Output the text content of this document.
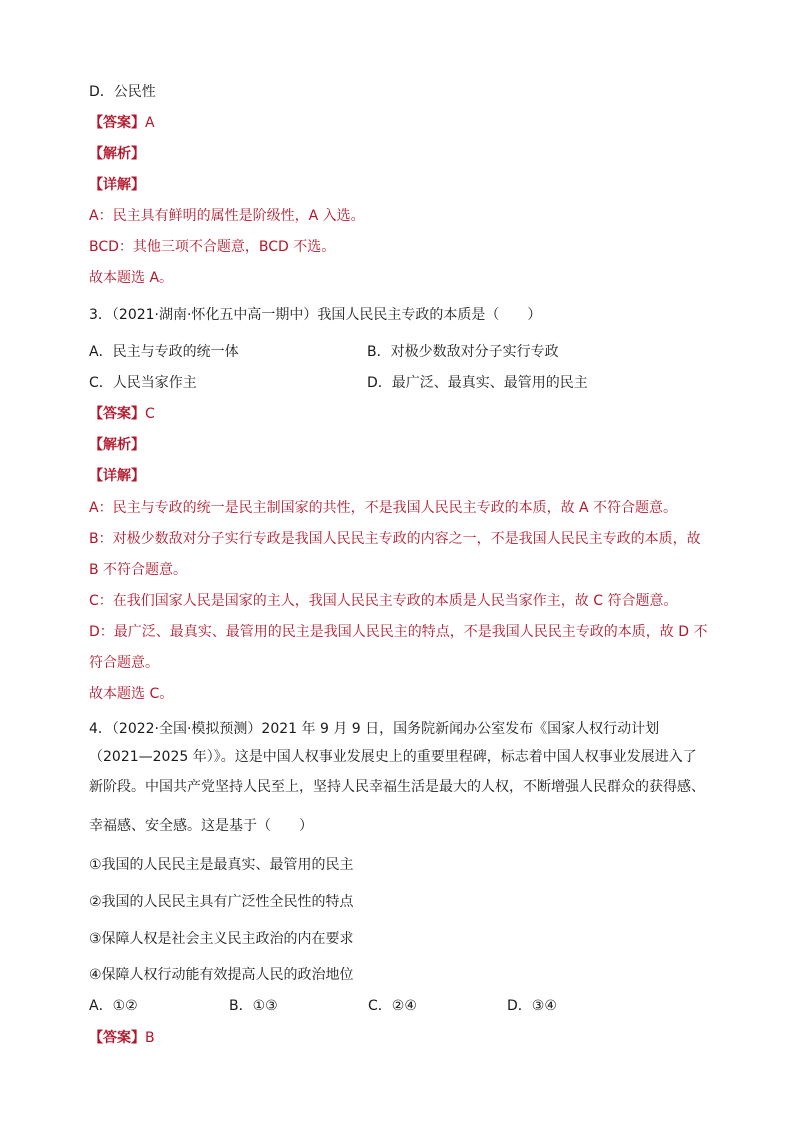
D．公民性
【答案】A
【解析】
【详解】
A：民主具有鲜明的属性是阶级性，A 入选。
BCD：其他三项不合题意，BCD 不选。
故本题选 A。
3．（2021·湖南·怀化五中高一期中）我国人民民主专政的本质是（　　）
A．民主与专政的统一体	B．对极少数敌对分子实行专政
C．人民当家作主	D．最广泛、最真实、最管用的民主
【答案】C
【解析】
【详解】
A：民主与专政的统一是民主制国家的共性，不是我国人民民主专政的本质，故 A 不符合题意。
B：对极少数敌对分子实行专政是我国人民民主专政的内容之一，不是我国人民民主专政的本质，故
B 不符合题意。
C：在我们国家人民是国家的主人，我国人民民主专政的本质是人民当家作主，故 C 符合题意。
D：最广泛、最真实、最管用的民主是我国人民民主的特点，不是我国人民民主专政的本质，故 D 不
符合题意。
故本题选 C。
4．（2022·全国·模拟预测）2021 年 9 月 9 日，国务院新闻办公室发布《国家人权行动计划
（2021—2025 年）》。这是中国人权事业发展史上的重要里程碑，标志着中国人权事业发展进入了
新阶段。中国共产党坚持人民至上，坚持人民幸福生活是最大的人权，不断增强人民群众的获得感、
幸福感、安全感。这是基于（　　）
①我国的人民民主是最真实、最管用的民主
②我国的人民民主具有广泛性全民性的特点
③保障人权是社会主义民主政治的内在要求
④保障人权行动能有效提高人民的政治地位
A．①②	B．①③	C．②④	D．③④
【答案】B
